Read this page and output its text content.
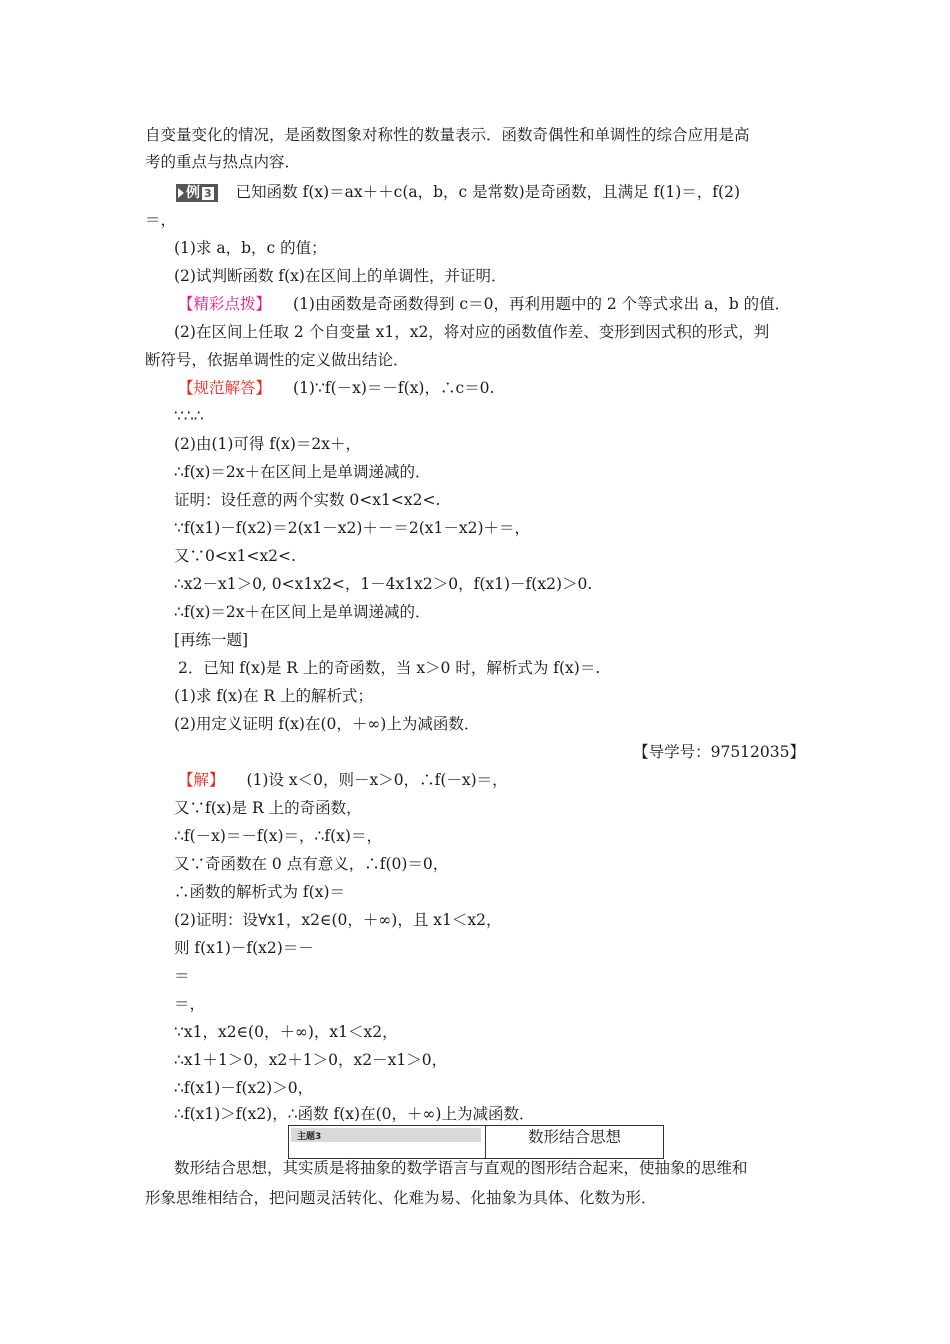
自变量变化的情况，是函数图象对称性的数量表示．函数奇偶性和单调性的综合应用是高
考的重点与热点内容．
例 3 已知函数 f(x)＝ax＋＋c(a，b，c 是常数)是奇函数，且满足 f(1)＝，f(2)
＝，
(1)求 a，b，c 的值；
(2)试判断函数 f(x)在区间上的单调性，并证明．
【精彩点拨】 (1)由函数是奇函数得到 c＝0，再利用题中的 2 个等式求出 a，b 的值．
(2)在区间上任取 2 个自变量 x1，x2，将对应的函数值作差、变形到因式积的形式，判
断符号，依据单调性的定义做出结论．
【规范解答】 (1)∵f(－x)＝－f(x)，∴c＝0.
∵∴∴
(2)由(1)可得 f(x)＝2x＋，
∴f(x)＝2x＋在区间上是单调递减的．
证明：设任意的两个实数 0<x1<x2<.
∵f(x1)－f(x2)＝2(x1－x2)＋－＝2(x1－x2)＋＝，
又∵0<x1<x2<.
∴x2－x1＞0, 0<x1x2<，1－4x1x2＞0，f(x1)－f(x2)＞0.
∴f(x)＝2x＋在区间上是单调递减的．
[再练一题]
2．已知 f(x)是 R 上的奇函数，当 x＞0 时，解析式为 f(x)＝.
(1)求 f(x)在 R 上的解析式；
(2)用定义证明 f(x)在(0，＋∞)上为减函数．
【导学号：97512035】
【解】 (1)设 x＜0，则－x＞0，∴f(－x)＝，
又∵f(x)是 R 上的奇函数，
∴f(－x)＝－f(x)＝，∴f(x)＝，
又∵奇函数在 0 点有意义，∴f(0)＝0，
∴函数的解析式为 f(x)＝
(2)证明：设∀x1，x2∈(0，＋∞)，且 x1＜x2，
则 f(x1)－f(x2)＝－
＝
＝，
∵x1，x2∈(0，＋∞)，x1＜x2，
∴x1＋1＞0，x2＋1＞0，x2－x1＞0，
∴f(x1)－f(x2)＞0，
∴f(x1)＞f(x2)，∴函数 f(x)在(0，＋∞)上为减函数．
主题3	数形结合思想
数形结合思想，其实质是将抽象的数学语言与直观的图形结合起来，使抽象的思维和
形象思维相结合，把问题灵活转化、化难为易、化抽象为具体、化数为形．
